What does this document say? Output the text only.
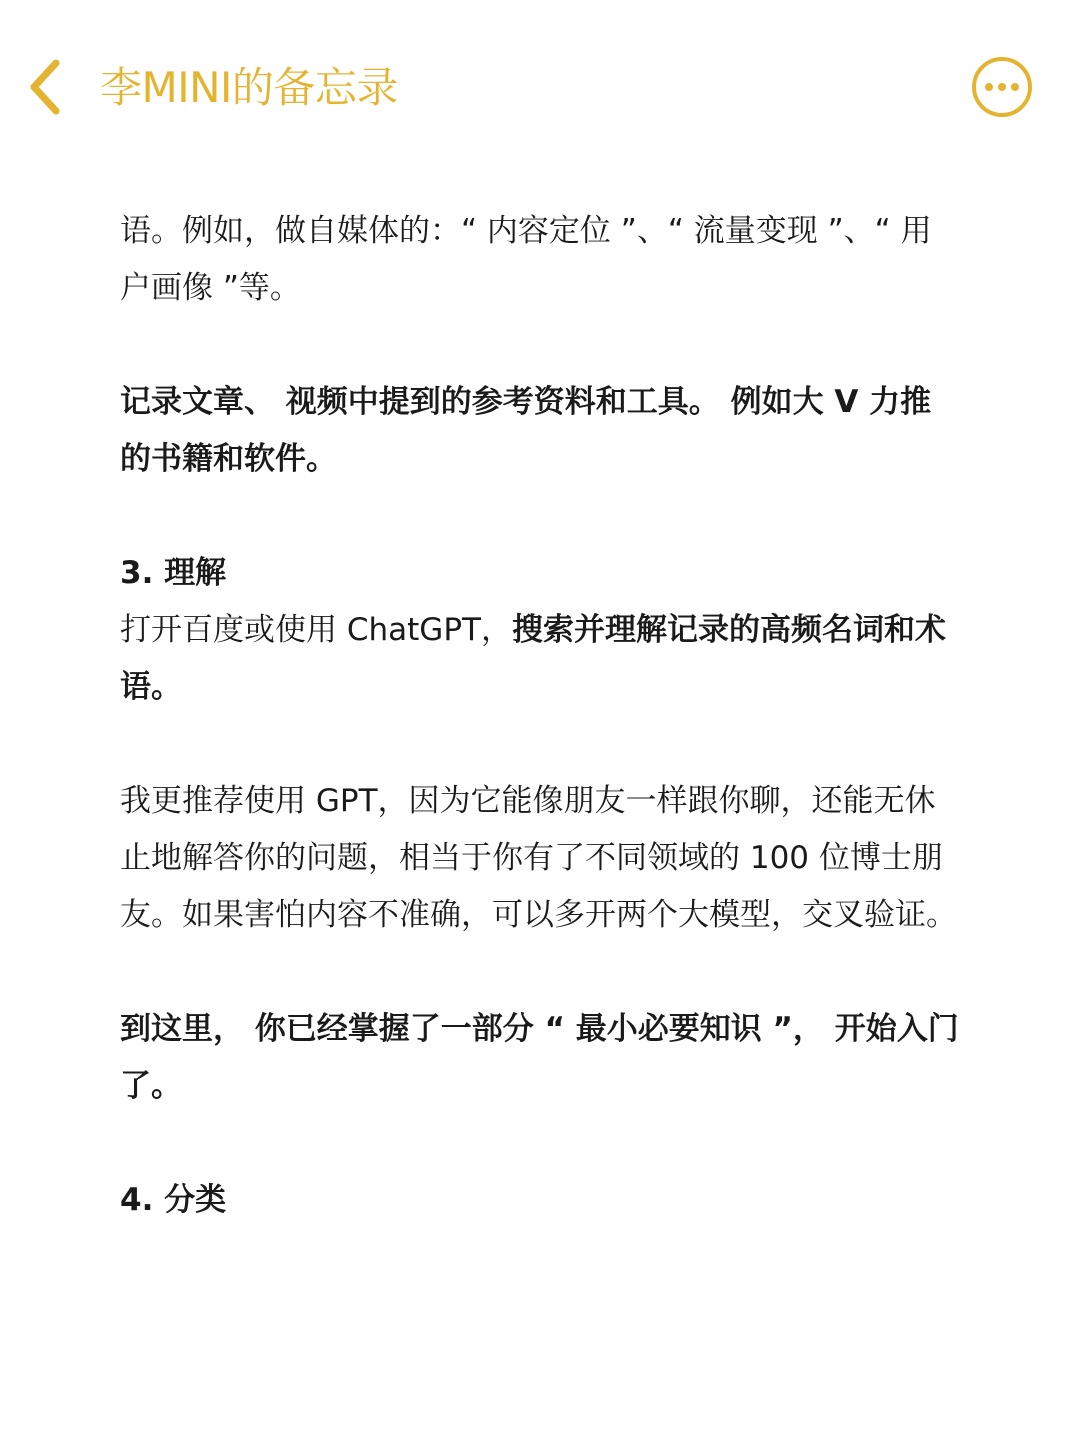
李MINI的备忘录

语。例如，做自媒体的：“ 内容定位 ”、“ 流量变现 ”、“ 用户画像 ”等。

记录文章、 视频中提到的参考资料和工具。 例如大 V 力推的书籍和软件。

3. 理解

打开百度或使用 ChatGPT，搜索并理解记录的高频名词和术语。

我更推荐使用 GPT，因为它能像朋友一样跟你聊，还能无休止地解答你的问题，相当于你有了不同领域的 100 位博士朋友。如果害怕内容不准确，可以多开两个大模型，交叉验证。

到这里， 你已经掌握了一部分 “ 最小必要知识 ”， 开始入门了。

4. 分类
